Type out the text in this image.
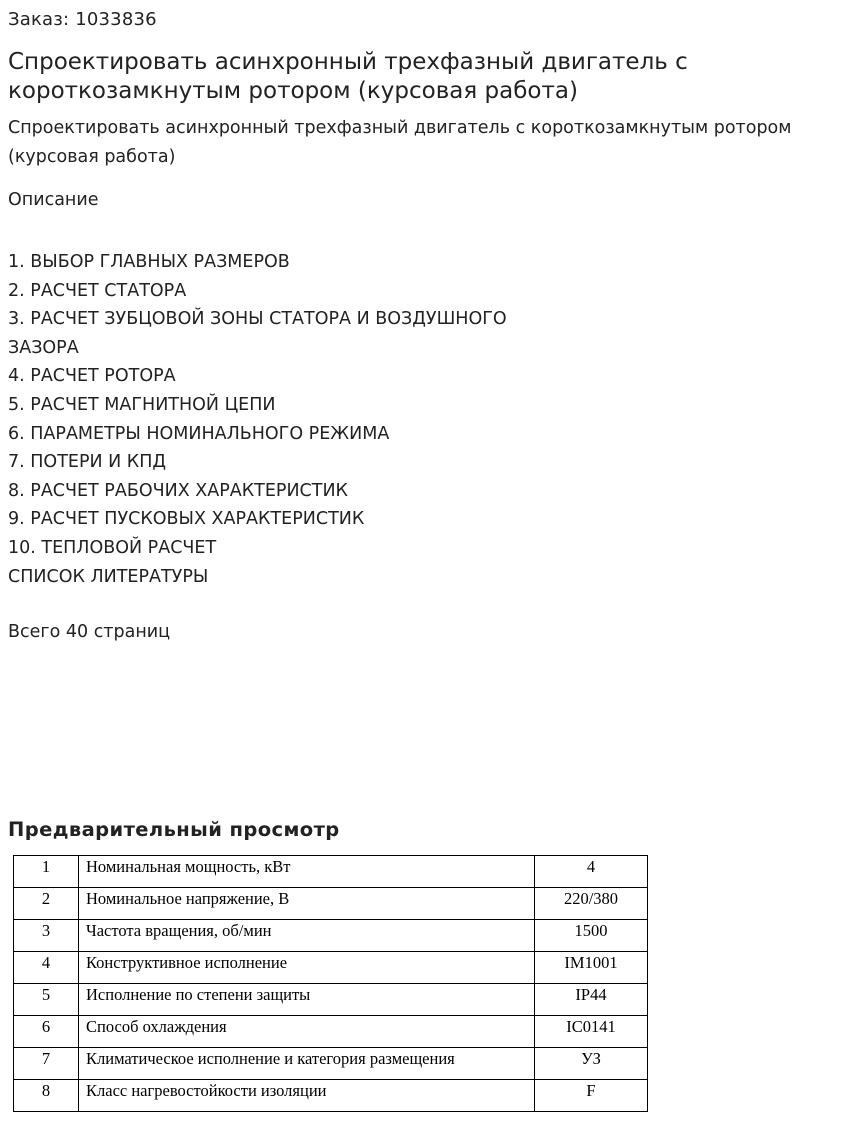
Заказ: 1033836
Спроектировать асинхронный трехфазный двигатель с короткозамкнутым ротором (курсовая работа)

Спроектировать асинхронный трехфазный двигатель с короткозамкнутым ротором (курсовая работа)

Описание
1. ВЫБОР ГЛАВНЫХ РАЗМЕРОВ
2. РАСЧЕТ СТАТОРА
3. РАСЧЕТ ЗУБЦОВОЙ ЗОНЫ СТАТОРА И ВОЗДУШНОГО ЗАЗОРА
4. РАСЧЕТ РОТОРА
5. РАСЧЕТ МАГНИТНОЙ ЦЕПИ
6. ПАРАМЕТРЫ НОМИНАЛЬНОГО РЕЖИМА
7. ПОТЕРИ И КПД
8. РАСЧЕТ РАБОЧИХ ХАРАКТЕРИСТИК
9. РАСЧЕТ ПУСКОВЫХ ХАРАКТЕРИСТИК
10. ТЕПЛОВОЙ РАСЧЕТ
СПИСОК ЛИТЕРАТУРЫ
Всего 40 страниц
Предварительный просмотр
1	Номинальная мощность, кВт	4
2	Номинальное напряжение, В	220/380
3	Частота вращения, об/мин	1500
4	Конструктивное исполнение	IM1001
5	Исполнение по степени защиты	IP44
6	Способ охлаждения	IC0141
7	Климатическое исполнение и категория размещения	УЗ
8	Класс нагревостойкости изоляции	F
